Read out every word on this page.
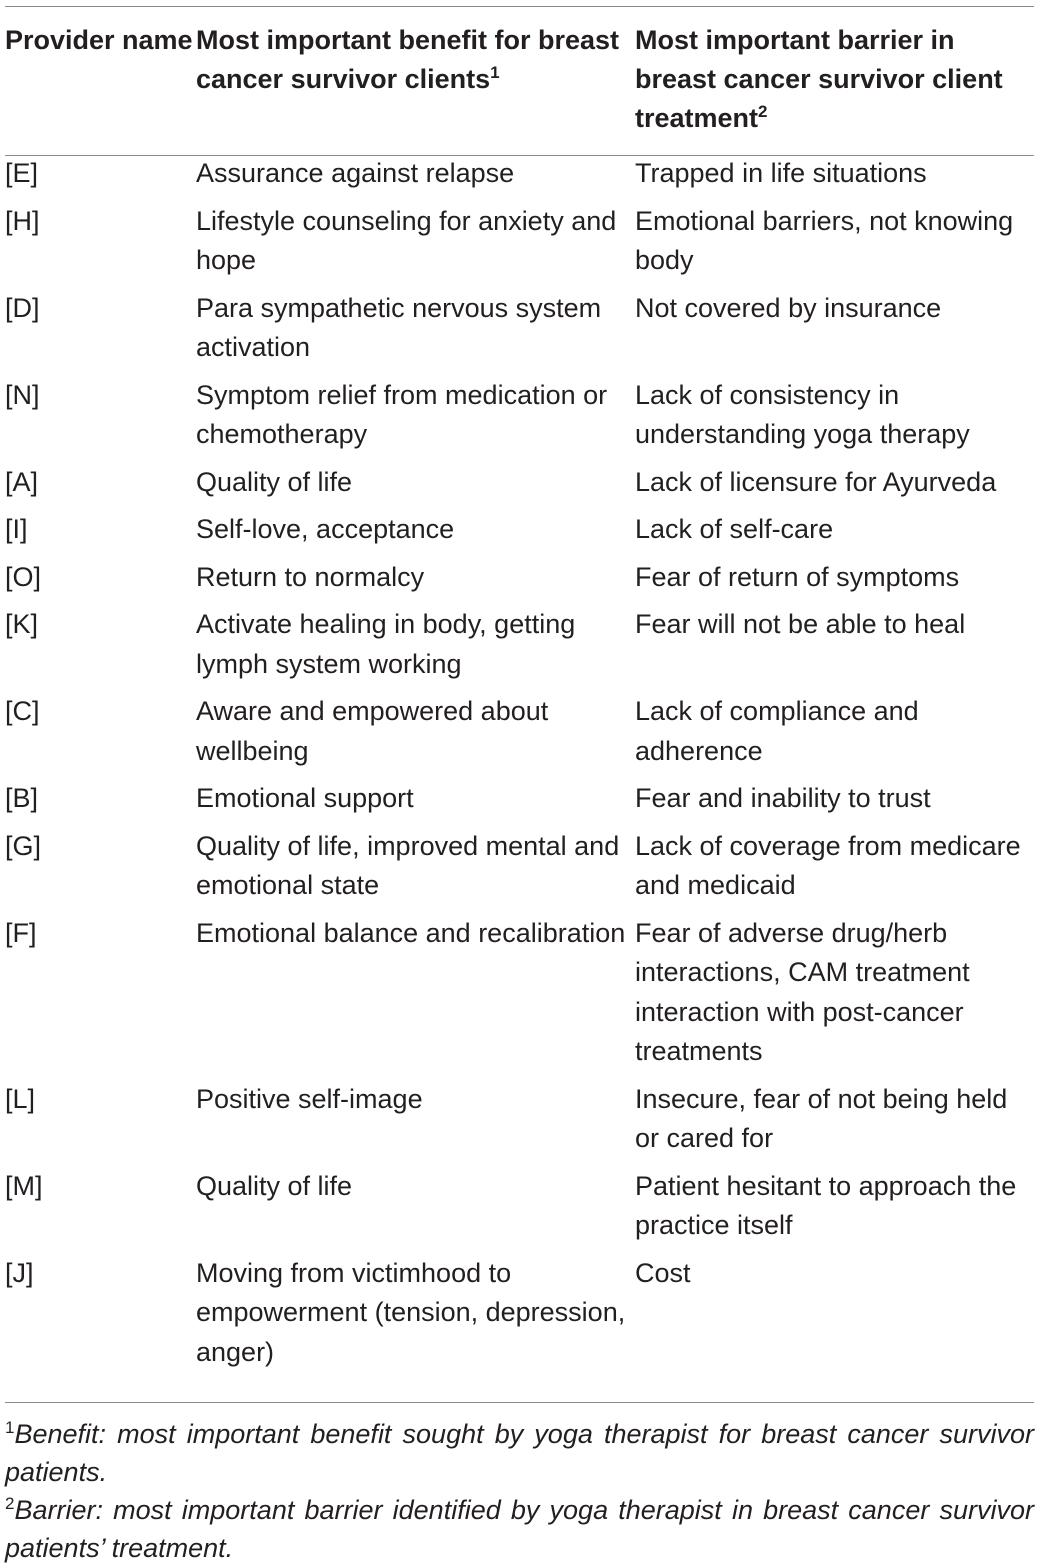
Provider name	Most important benefit for breast cancer survivor clients$^1$	Most important barrier in breast cancer survivor client treatment$^2$
[E]	Assurance against relapse	Trapped in life situations
[H]	Lifestyle counseling for anxiety and hope	Emotional barriers, not knowing body
[D]	Para sympathetic nervous system activation	Not covered by insurance
[N]	Symptom relief from medication or chemotherapy	Lack of consistency in understanding yoga therapy
[A]	Quality of life	Lack of licensure for Ayurveda
[I]	Self-love, acceptance	Lack of self-care
[O]	Return to normalcy	Fear of return of symptoms
[K]	Activate healing in body, getting lymph system working	Fear will not be able to heal
[C]	Aware and empowered about wellbeing	Lack of compliance and adherence
[B]	Emotional support	Fear and inability to trust
[G]	Quality of life, improved mental and emotional state	Lack of coverage from medicare and medicaid
[F]	Emotional balance and recalibration	Fear of adverse drug/herb interactions, CAM treatment interaction with post-cancer treatments
[L]	Positive self-image	Insecure, fear of not being held or cared for
[M]	Quality of life	Patient hesitant to approach the practice itself
[J]	Moving from victimhood to empowerment (tension, depression, anger)	Cost
$^1$Benefit: most important benefit sought by yoga therapist for breast cancer survivor patients.
$^2$Barrier: most important barrier identified by yoga therapist in breast cancer survivor patients’ treatment.
